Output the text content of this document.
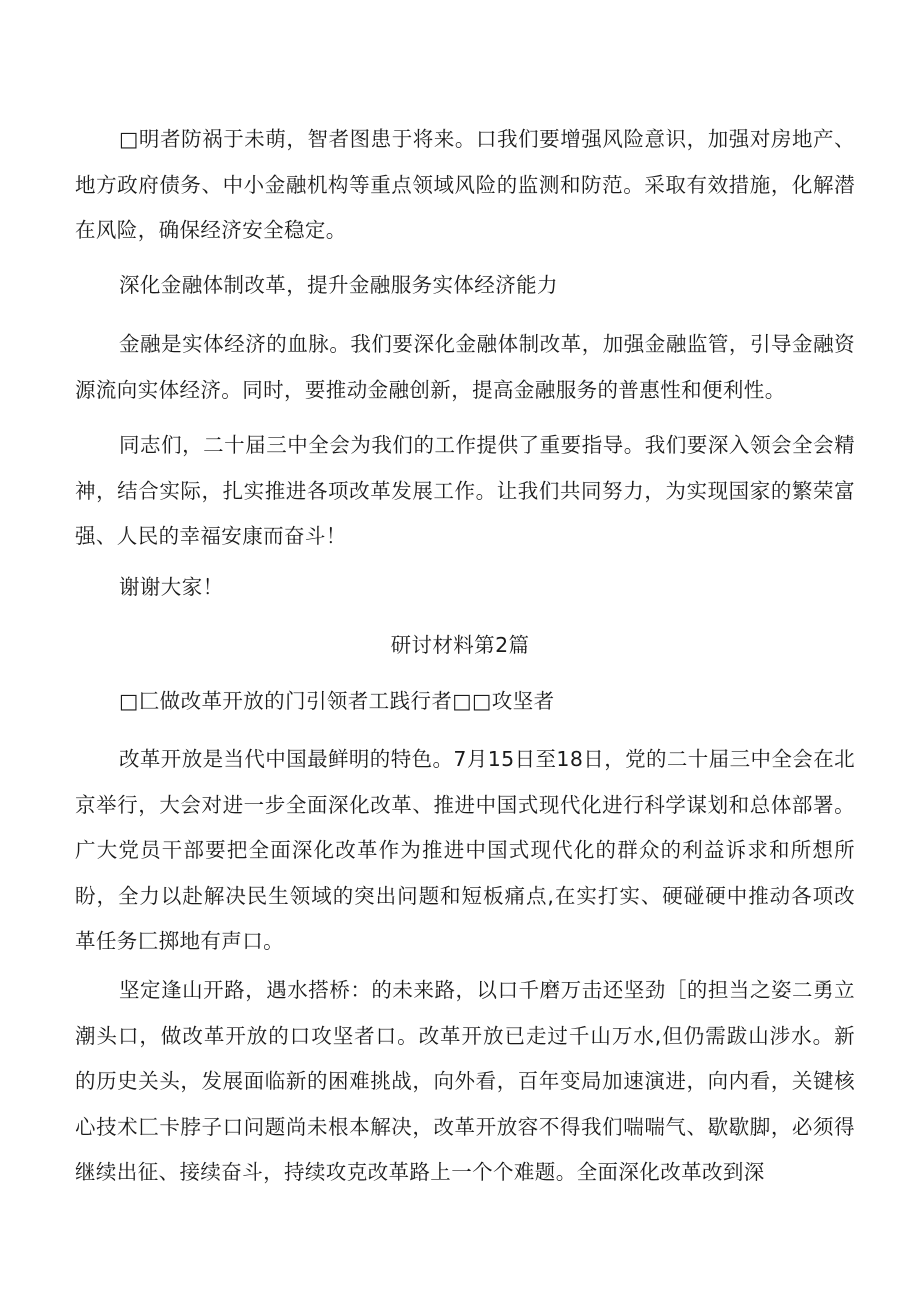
□明者防祸于未萌，智者图患于将来。口我们要增强风险意识，加强对房地产、地方政府债务、中小金融机构等重点领域风险的监测和防范。采取有效措施，化解潜在风险，确保经济安全稳定。

深化金融体制改革，提升金融服务实体经济能力

金融是实体经济的血脉。我们要深化金融体制改革，加强金融监管，引导金融资源流向实体经济。同时，要推动金融创新，提高金融服务的普惠性和便利性。

同志们，二十届三中全会为我们的工作提供了重要指导。我们要深入领会全会精神，结合实际，扎实推进各项改革发展工作。让我们共同努力，为实现国家的繁荣富强、人民的幸福安康而奋斗！

谢谢大家！

研讨材料第2篇

□匚做改革开放的门引领者工践行者□□攻坚者

改革开放是当代中国最鲜明的特色。7月15日至18日，党的二十届三中全会在北京举行，大会对进一步全面深化改革、推进中国式现代化进行科学谋划和总体部署。广大党员干部要把全面深化改革作为推进中国式现代化的群众的利益诉求和所想所盼，全力以赴解决民生领域的突出问题和短板痛点,在实打实、硬碰硬中推动各项改革任务匚掷地有声口。

坚定逢山开路，遇水搭桥：的未来路，以口千磨万击还坚劲［的担当之姿二勇立潮头口，做改革开放的口攻坚者口。改革开放已走过千山万水,但仍需跋山涉水。新的历史关头，发展面临新的困难挑战，向外看，百年变局加速演进，向内看，关键核心技术匚卡脖子口问题尚未根本解决，改革开放容不得我们喘喘气、歇歇脚，必须得继续出征、接续奋斗，持续攻克改革路上一个个难题。全面深化改革改到深
